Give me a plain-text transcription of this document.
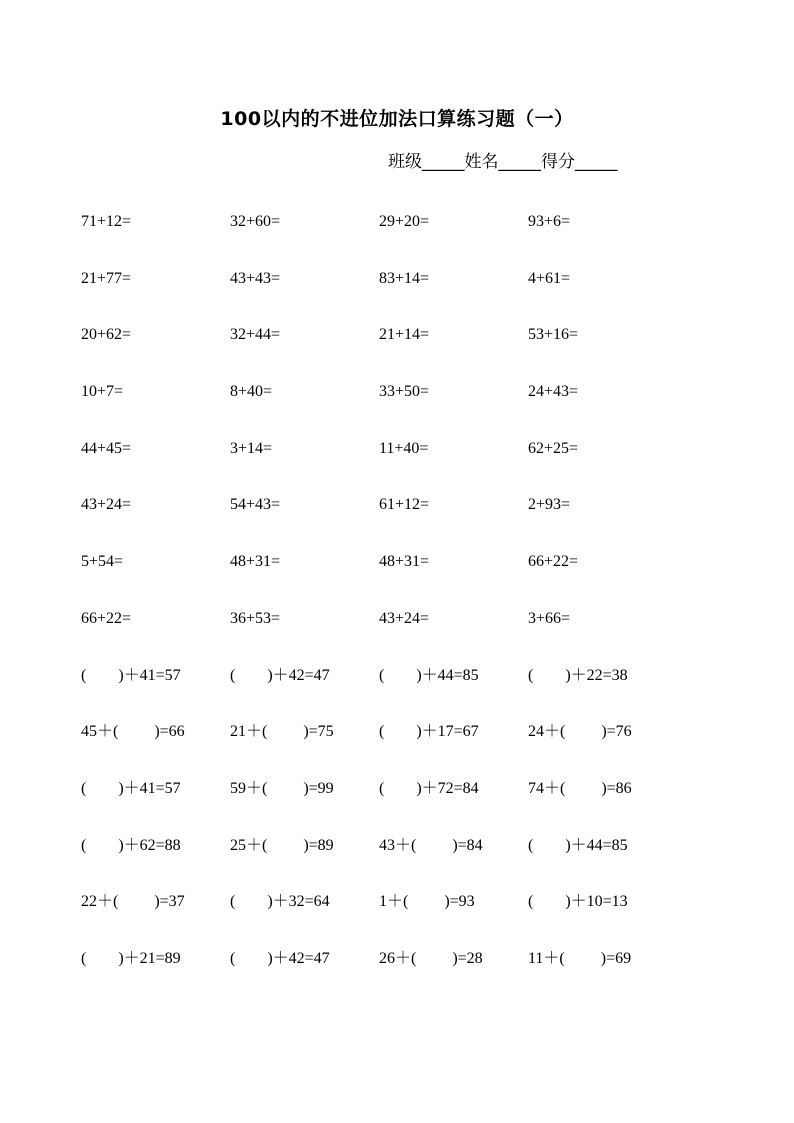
100以内的不进位加法口算练习题（一）
班级_____姓名_____得分_____
71+12=	32+60=	29+20=	93+6=
21+77=	43+43=	83+14=	4+61=
20+62=	32+44=	21+14=	53+16=
10+7=	8+40=	33+50=	24+43=
44+45=	3+14=	11+40=	62+25=
43+24=	54+43=	61+12=	2+93=
5+54=	48+31=	48+31=	66+22=
66+22=	36+53=	43+24=	3+66=
(        )＋41=57	(        )＋42=47	(        )＋44=85	(        )＋22=38
45＋(         )=66	21＋(         )=75	(        )＋17=67	24＋(         )=76
(        )＋41=57	59＋(         )=99	(        )＋72=84	74＋(         )=86
(        )＋62=88	25＋(         )=89	43＋(         )=84	(        )＋44=85
22＋(         )=37	(        )＋32=64	1＋(         )=93	(        )＋10=13
(        )＋21=89	(        )＋42=47	26＋(         )=28	11＋(         )=69
